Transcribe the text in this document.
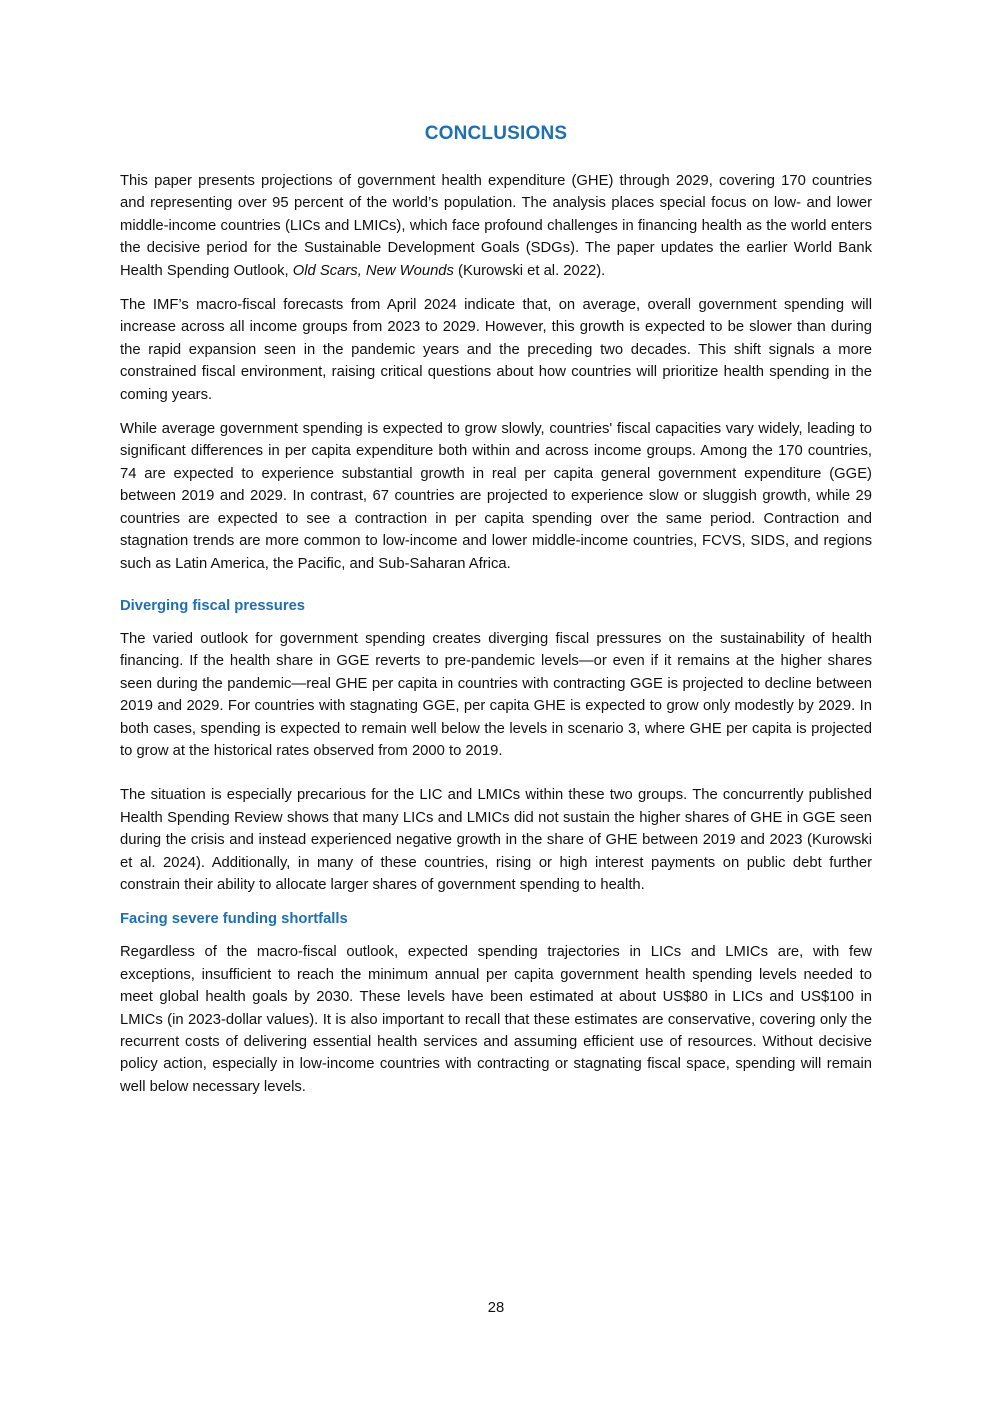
CONCLUSIONS

This paper presents projections of government health expenditure (GHE) through 2029, covering 170 countries and representing over 95 percent of the world’s population. The analysis places special focus on low- and lower middle-income countries (LICs and LMICs), which face profound challenges in financing health as the world enters the decisive period for the Sustainable Development Goals (SDGs). The paper updates the earlier World Bank Health Spending Outlook, Old Scars, New Wounds (Kurowski et al. 2022).

The IMF’s macro-fiscal forecasts from April 2024 indicate that, on average, overall government spending will increase across all income groups from 2023 to 2029. However, this growth is expected to be slower than during the rapid expansion seen in the pandemic years and the preceding two decades. This shift signals a more constrained fiscal environment, raising critical questions about how countries will prioritize health spending in the coming years.

While average government spending is expected to grow slowly, countries' fiscal capacities vary widely, leading to significant differences in per capita expenditure both within and across income groups. Among the 170 countries, 74 are expected to experience substantial growth in real per capita general government expenditure (GGE) between 2019 and 2029. In contrast, 67 countries are projected to experience slow or sluggish growth, while 29 countries are expected to see a contraction in per capita spending over the same period. Contraction and stagnation trends are more common to low-income and lower middle-income countries, FCVS, SIDS, and regions such as Latin America, the Pacific, and Sub-Saharan Africa.

Diverging fiscal pressures

The varied outlook for government spending creates diverging fiscal pressures on the sustainability of health financing. If the health share in GGE reverts to pre-pandemic levels—or even if it remains at the higher shares seen during the pandemic—real GHE per capita in countries with contracting GGE is projected to decline between 2019 and 2029. For countries with stagnating GGE, per capita GHE is expected to grow only modestly by 2029. In both cases, spending is expected to remain well below the levels in scenario 3, where GHE per capita is projected to grow at the historical rates observed from 2000 to 2019.

The situation is especially precarious for the LIC and LMICs within these two groups. The concurrently published Health Spending Review shows that many LICs and LMICs did not sustain the higher shares of GHE in GGE seen during the crisis and instead experienced negative growth in the share of GHE between 2019 and 2023 (Kurowski et al. 2024). Additionally, in many of these countries, rising or high interest payments on public debt further constrain their ability to allocate larger shares of government spending to health.

Facing severe funding shortfalls

Regardless of the macro-fiscal outlook, expected spending trajectories in LICs and LMICs are, with few exceptions, insufficient to reach the minimum annual per capita government health spending levels needed to meet global health goals by 2030. These levels have been estimated at about US$80 in LICs and US$100 in LMICs (in 2023-dollar values). It is also important to recall that these estimates are conservative, covering only the recurrent costs of delivering essential health services and assuming efficient use of resources. Without decisive policy action, especially in low-income countries with contracting or stagnating fiscal space, spending will remain well below necessary levels.

28
